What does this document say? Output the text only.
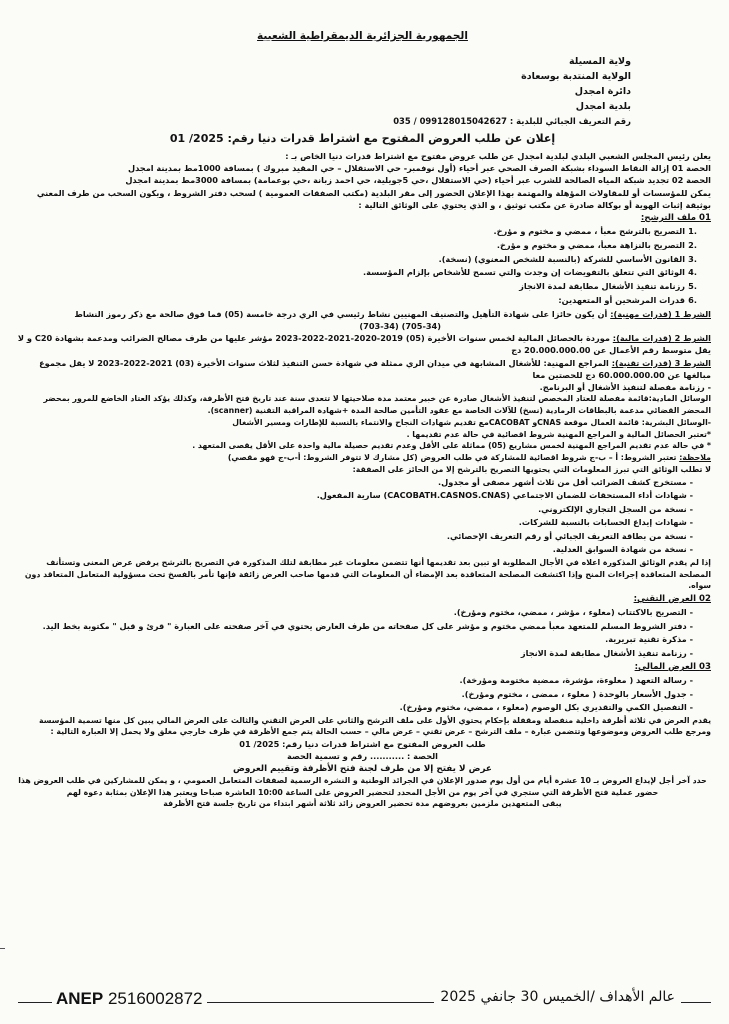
الجمهورية الجزائرية الديمقراطية الشعبية
ولاية المسيلة
الولاية المنتدبة بوسعادة
دائرة امجدل
بلدية امجدل
رقم التعريف الجبائي للبلدية : 099128015042627 / 035
إعلان عن طلب العروض المفتوح مع اشتراط قدرات دنيا رقم: 2025/ 01

يعلن رئيس المجلس الشعبي البلدي لبلدية امجدل عن طلب عروض مفتوح مع اشتراط قدرات دنيا الخاص بـ :

الحصة 01 إزالة النقاط السوداء بشبكة الصرف الصحي عبر أحياء (أول نوفمبر- حي الاستقلال – حي المقيد مبروك ) بمسافة 1000مط بمدينة امجدل

الحصة 02 تجديد شبكة المياه الصالحة للشرب عبر أحياء (حي الاستقلال ،حي 5جويلية، حي احمد زبانة ،حي بوعمامة) بمسافة 3000مط بمدينة امجدل

يمكن للمؤسسات أو للمقاولات المؤهلة والمهتمة بهذا الإعلان الحضور إلى مقر البلدية (مكتب الصفقات العمومية ) لسحب دفتر الشروط ، ويكون السحب من طرف المعني بوثيقة إثبات الهوية أو بوكالة صادرة عن مكتب توثيق ، و الذي يحتوي على الوثائق التالية :

01 ملف الترشح:
.1التصريح بالترشح معبأ ، ممضي و مختوم و مؤرخ.
.2التصريح بالنزاهة معبأ، ممضي و مختوم و مؤرخ.
.3القانون الأساسي للشركة (بالنسبة للشخص المعنوي) (نسخة).
.4الوثائق التي تتعلق بالتفويضات إن وجدت والتي تسمح للأشخاص بإلزام المؤسسة.
.5رزنامة تنفيذ الأشغال مطابقة لمدة الانجاز
.6قدرات المرشحين أو المتعهدين:

الشرط 1 (قدرات مهنية): أن يكون حائزا على شهادة التأهيل والتصنيف المهنيين نشاط رئيسي في الري درجة خامسة (05) فما فوق صالحة مع ذكر رموز النشاط

(705-34) (703-34)

الشرط 2 (قدرات مالية): موردة بالحصائل المالية لخمس سنوات الأخيرة (05) 2019-2020-2021-2022-2023 مؤشر عليها من طرف مصالح الضرائب ومدعمة بشهادة C20 و لا يقل متوسط رقم الأعمال عن 20.000.000.00 دج

الشرط 3 (قدرات تقنية): المراجع المهنية: للأشغال المشابهة في ميدان الري ممثلة في شهادة حسن التنفيذ لثلاث سنوات الأخيرة (03) 2021-2022-2023 لا يقل مجموع مبالغها عن 60.000.000.00 دج للحصتين معا

- رزنامة مفصلة لتنفيذ الأشغال أو البرنامج.

الوسائل المادية:قائمة مفصلة للعتاد المخصص لتنفيذ الأشغال صادرة عن خبير معتمد مدة صلاحيتها لا تتعدى سنة عند تاريخ فتح الأظرفة، وكذلك يؤكد العتاد الخاضع للمرور بمحضر المحضر القضائي مدعمة بالبطاقات الرمادية (نسخ) للآلات الخاصة مع عقود التأمين صالحة المدة +شهادة المراقبة التقنية (scanner).

-الوسائل البشرية: قائمة العمال موقعة CNASو CACOBATمع تقديم شهادات النجاح والانتماء بالنسبة للإطارات ومسير الأشغال

*تعتبر الحصائل المالية و المراجع المهنية شروط اقصائية في حالة عدم تقديمها .

* في حالة عدم تقديم المراجع المهنية لخمس مشاريع (05) مماثلة على الأقل وعدم تقديم حصيلة مالية واحدة على الأقل يقصى المتعهد .

ملاحظة: تعتبر الشروط: أ – ب-ج شروط اقصائية للمشاركة في طلب العروض (كل مشارك لا تتوفر الشروط: أ-ب-ج فهو مقصي)

لا تطلب الوثائق التي تبرز المعلومات التي يحتويها التصريح بالترشح إلا من الحائز على الصفقة:

- مستخرج كشف الضرائب أقل من ثلاث أشهر مصفى أو مجدول.
- شهادات أداء المستحقات للضمان الاجتماعي (CACOBATH.CASNOS.CNAS) سارية المفعول.
- نسخة من السجل التجاري الإلكتروني.
- شهادات إيداع الحسابات بالنسبة للشركات.
- نسخة من بطاقة التعريف الجبائي أو رقم التعريف الإحصائي.
- نسخة من شهادة السوابق العدلية.

إذا لم يقدم الوثائق المذكورة اعلاه في الأجال المطلوبة او تبين بعد تقديمها أنها تتضمن معلومات غير مطابقة لتلك المذكورة في التصريح بالترشح يرفض عرض المعنى وتستأنف المصلحة المتعاقدة إجراءات المنح وإذا اكتشفت المصلحة المتعاقدة بعد الإمضاء أن المعلومات التي قدمها صاحب العرض زائفة فإنها تأمر بالفسخ تحت مسؤولية المتعامل المتعاقد دون سواه.

02 العرض التقني:
- التصريح بالاكتتاب (معلوء ، مؤشر ، ممضي، مختوم ومؤرخ).
- دفتر الشروط المسلم للمتعهد معبأ ممضي مختوم و مؤشر على كل صفحاته من طرف العارض يحتوي في آخر صفحته على العبارة " قرئ و قبل " مكتوبة بخط اليد.
- مذكرة تقنية تبريرية.
- رزنامة تنفيذ الأشغال مطابقة لمدة الانجاز
03 العرض المالي:
- رسالة التعهد ( معلوءة، مؤشرة، ممضية مختومة ومؤرخة).
- جدول الأسعار بالوحدة ( معلوء ، ممضى ، مختوم ومؤرخ).
- التفصيل الكمي والتقديري بكل الوصوم (معلوء ، ممضي، مختوم ومؤرخ).

يقدم العرض في ثلاثة أظرفة داخلية منفصلة ومقفلة بإحكام يحتوي الأول على ملف الترشح والثاني على العرض التقني والثالث على العرض المالي يبين كل منها تسمية المؤسسة ومرجع طلب العروض وموضوعها وتتضمن عبارة – ملف الترشح – عرض تقني – عرض مالي – حسب الحالة يتم جمع الأظرفة في ظرف خارجي مغلق ولا يحمل إلا العبارة التالية :

طلب العروض المفتوح مع اشتراط قدرات دنيا رقم: 2025/ 01

الحصة : ........... رقم و تسمية الحصة

عرض لا يفتح إلا من طرف لجنة فتح الأظرفة وتقييم العروض

حدد آخر أجل لإيداع العروض بـ 10 عشرة أيام من أول يوم صدور الإعلان في الجرائد الوطنية و النشرة الرسمية لصفقات المتعامل العمومي ، و يمكن للمشاركين في طلب العروض هذا حضور عملية فتح الأظرفة التي ستجري في آخر يوم من الأجل المحدد لتحضير العروض على الساعة 10:00 العاشرة صباحا ويعتبر هذا الإعلان بمثابة دعوة لهم

يبقى المتعهدين ملزمين بعروضهم مدة تحضير العروض زائد ثلاثة أشهر ابتداء من تاريخ جلسة فتح الأظرفة

ANEP 2516002872	عالم الأهداف /الخميس 30 جانفي 2025
